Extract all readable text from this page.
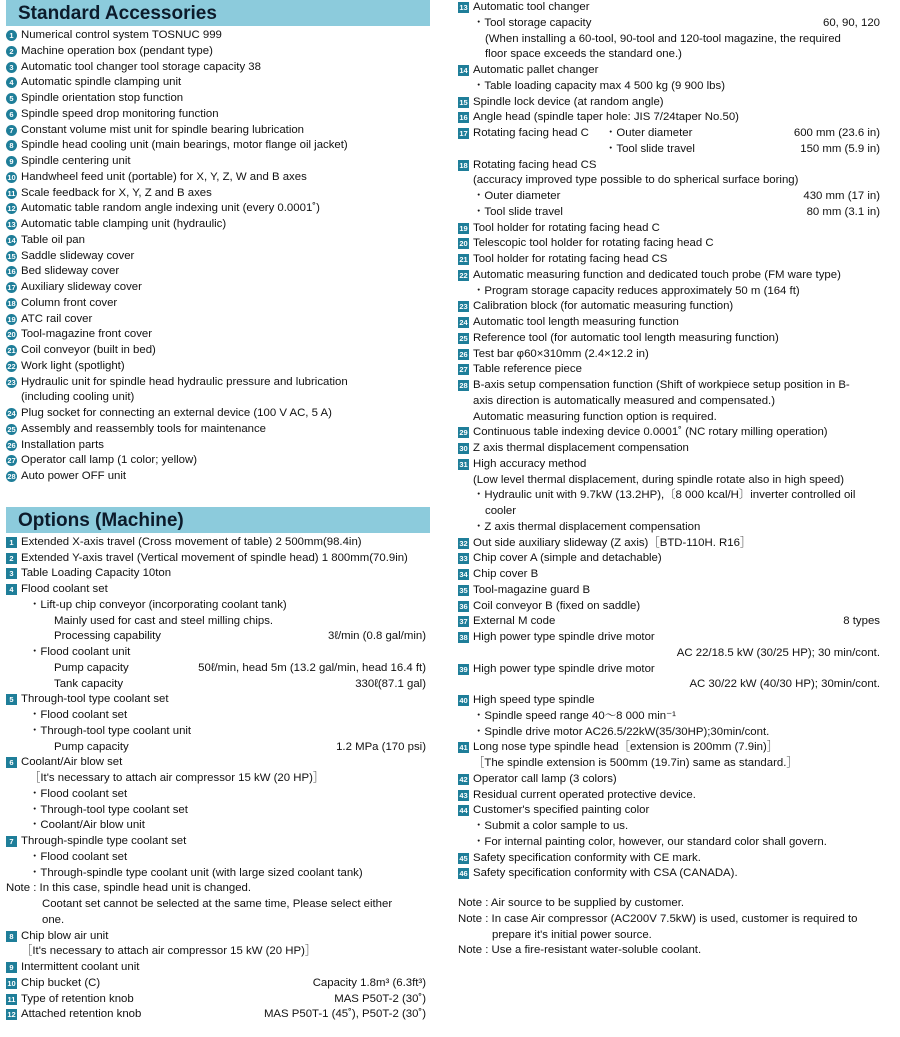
Standard Accessories
1 Numerical control system TOSNUC 999
2 Machine operation box (pendant type)
3 Automatic tool changer tool storage capacity 38
4 Automatic spindle clamping unit
5 Spindle orientation stop function
6 Spindle speed drop monitoring function
7 Constant volume mist unit for spindle bearing lubrication
8 Spindle head cooling unit (main bearings, motor flange oil jacket)
9 Spindle centering unit
10 Handwheel feed unit (portable) for X, Y, Z, W and B axes
11 Scale feedback for X, Y, Z and B axes
12 Automatic table random angle indexing unit (every 0.0001˚)
13 Automatic table clamping unit (hydraulic)
14 Table oil pan
15 Saddle slideway cover
16 Bed slideway cover
17 Auxiliary slideway cover
18 Column front cover
19 ATC rail cover
20 Tool-magazine front cover
21 Coil conveyor (built in bed)
22 Work light (spotlight)
23 Hydraulic unit for spindle head hydraulic pressure and lubrication
(including cooling unit)
24 Plug socket for connecting an external device (100 V AC, 5 A)
25 Assembly and reassembly tools for maintenance
26 Installation parts
27 Operator call lamp (1 color; yellow)
28 Auto power OFF unit
Options (Machine)
1 Extended X-axis travel (Cross movement of table) 2 500mm(98.4in)
2 Extended Y-axis travel (Vertical movement of spindle head) 1 800mm(70.9in)
3 Table Loading Capacity 10ton
4 Flood coolant set
・Lift-up chip conveyor (incorporating coolant tank)
Mainly used for cast and steel milling chips.
Processing capability	3ℓ/min (0.8 gal/min)
・Flood coolant unit
Pump capacity	50ℓ/min, head 5m (13.2 gal/min, head 16.4 ft)
Tank capacity	330ℓ(87.1 gal)
5 Through-tool type coolant set
・Flood coolant set
・Through-tool type coolant unit
Pump capacity	1.2 MPa (170 psi)
6 Coolant/Air blow set
［It's necessary to attach air compressor 15 kW (20 HP)］
・Flood coolant set
・Through-tool type coolant set
・Coolant/Air blow unit
7 Through-spindle type coolant set
・Flood coolant set
・Through-spindle type coolant unit (with large sized coolant tank)
Note : In this case, spindle head unit is changed.
Cootant set cannot be selected at the same time, Please select either
one.
8 Chip blow air unit
［It's necessary to attach air compressor 15 kW (20 HP)］
9 Intermittent coolant unit
10 Chip bucket (C)	Capacity 1.8m³ (6.3ft³)
11 Type of retention knob	MAS P50T-2 (30˚)
12 Attached retention knob	MAS P50T-1 (45˚), P50T-2 (30˚)
13 Automatic tool changer
・Tool storage capacity	60, 90, 120
(When installing a 60-tool, 90-tool and 120-tool magazine, the required
floor space exceeds the standard one.)
14 Automatic pallet changer
・Table loading capacity max 4 500 kg (9 900 lbs)
15 Spindle lock device (at random angle)
16 Angle head (spindle taper hole: JIS 7/24taper No.50)
17 Rotating facing head C ・Outer diameter	600 mm (23.6 in)
・Tool slide travel	150 mm (5.9 in)
18 Rotating facing head CS
(accuracy improved type possible to do spherical surface boring)
・Outer diameter	430 mm (17 in)
・Tool slide travel	80 mm (3.1 in)
19 Tool holder for rotating facing head C
20 Telescopic tool holder for rotating facing head C
21 Tool holder for rotating facing head CS
22 Automatic measuring function and dedicated touch probe (FM ware type)
・Program storage capacity reduces approximately 50 m (164 ft)
23 Calibration block (for automatic measuring function)
24 Automatic tool length measuring function
25 Reference tool (for automatic tool length measuring function)
26 Test bar φ60×310mm (2.4×12.2 in)
27 Table reference piece
28 B-axis setup compensation function (Shift of workpiece setup position in B-
axis direction is automatically measured and compensated.)
Automatic measuring function option is required.
29 Continuous table indexing device 0.0001˚ (NC rotary milling operation)
30 Z axis thermal displacement compensation
31 High accuracy method
(Low level thermal displacement, during spindle rotate also in high speed)
・Hydraulic unit with 9.7kW (13.2HP),〔8 000 kcal/H〕inverter controlled oil
cooler
・Z axis thermal displacement compensation
32 Out side auxiliary slideway (Z axis)［BTD-110H. R16］
33 Chip cover A (simple and detachable)
34 Chip cover B
35 Tool-magazine guard B
36 Coil conveyor B (fixed on saddle)
37 External M code	8 types
38 High power type spindle drive motor
AC 22/18.5 kW (30/25 HP); 30 min/cont.
39 High power type spindle drive motor
AC 30/22 kW (40/30 HP); 30min/cont.
40 High speed type spindle
・Spindle speed range 40～8 000 min⁻¹
・Spindle drive motor AC26.5/22kW(35/30HP);30min/cont.
41 Long nose type spindle head［extension is 200mm (7.9in)］
［The spindle extension is 500mm (19.7in) same as standard.］
42 Operator call lamp (3 colors)
43 Residual current operated protective device.
44 Customer's specified painting color
・Submit a color sample to us.
・For internal painting color, however, our standard color shall govern.
45 Safety specification conformity with CE mark.
46 Safety specification conformity with CSA (CANADA).
Note : Air source to be supplied by customer.
Note : In case Air compressor (AC200V 7.5kW) is used, customer is required to
prepare it's initial power source.
Note : Use a fire-resistant water-soluble coolant.
